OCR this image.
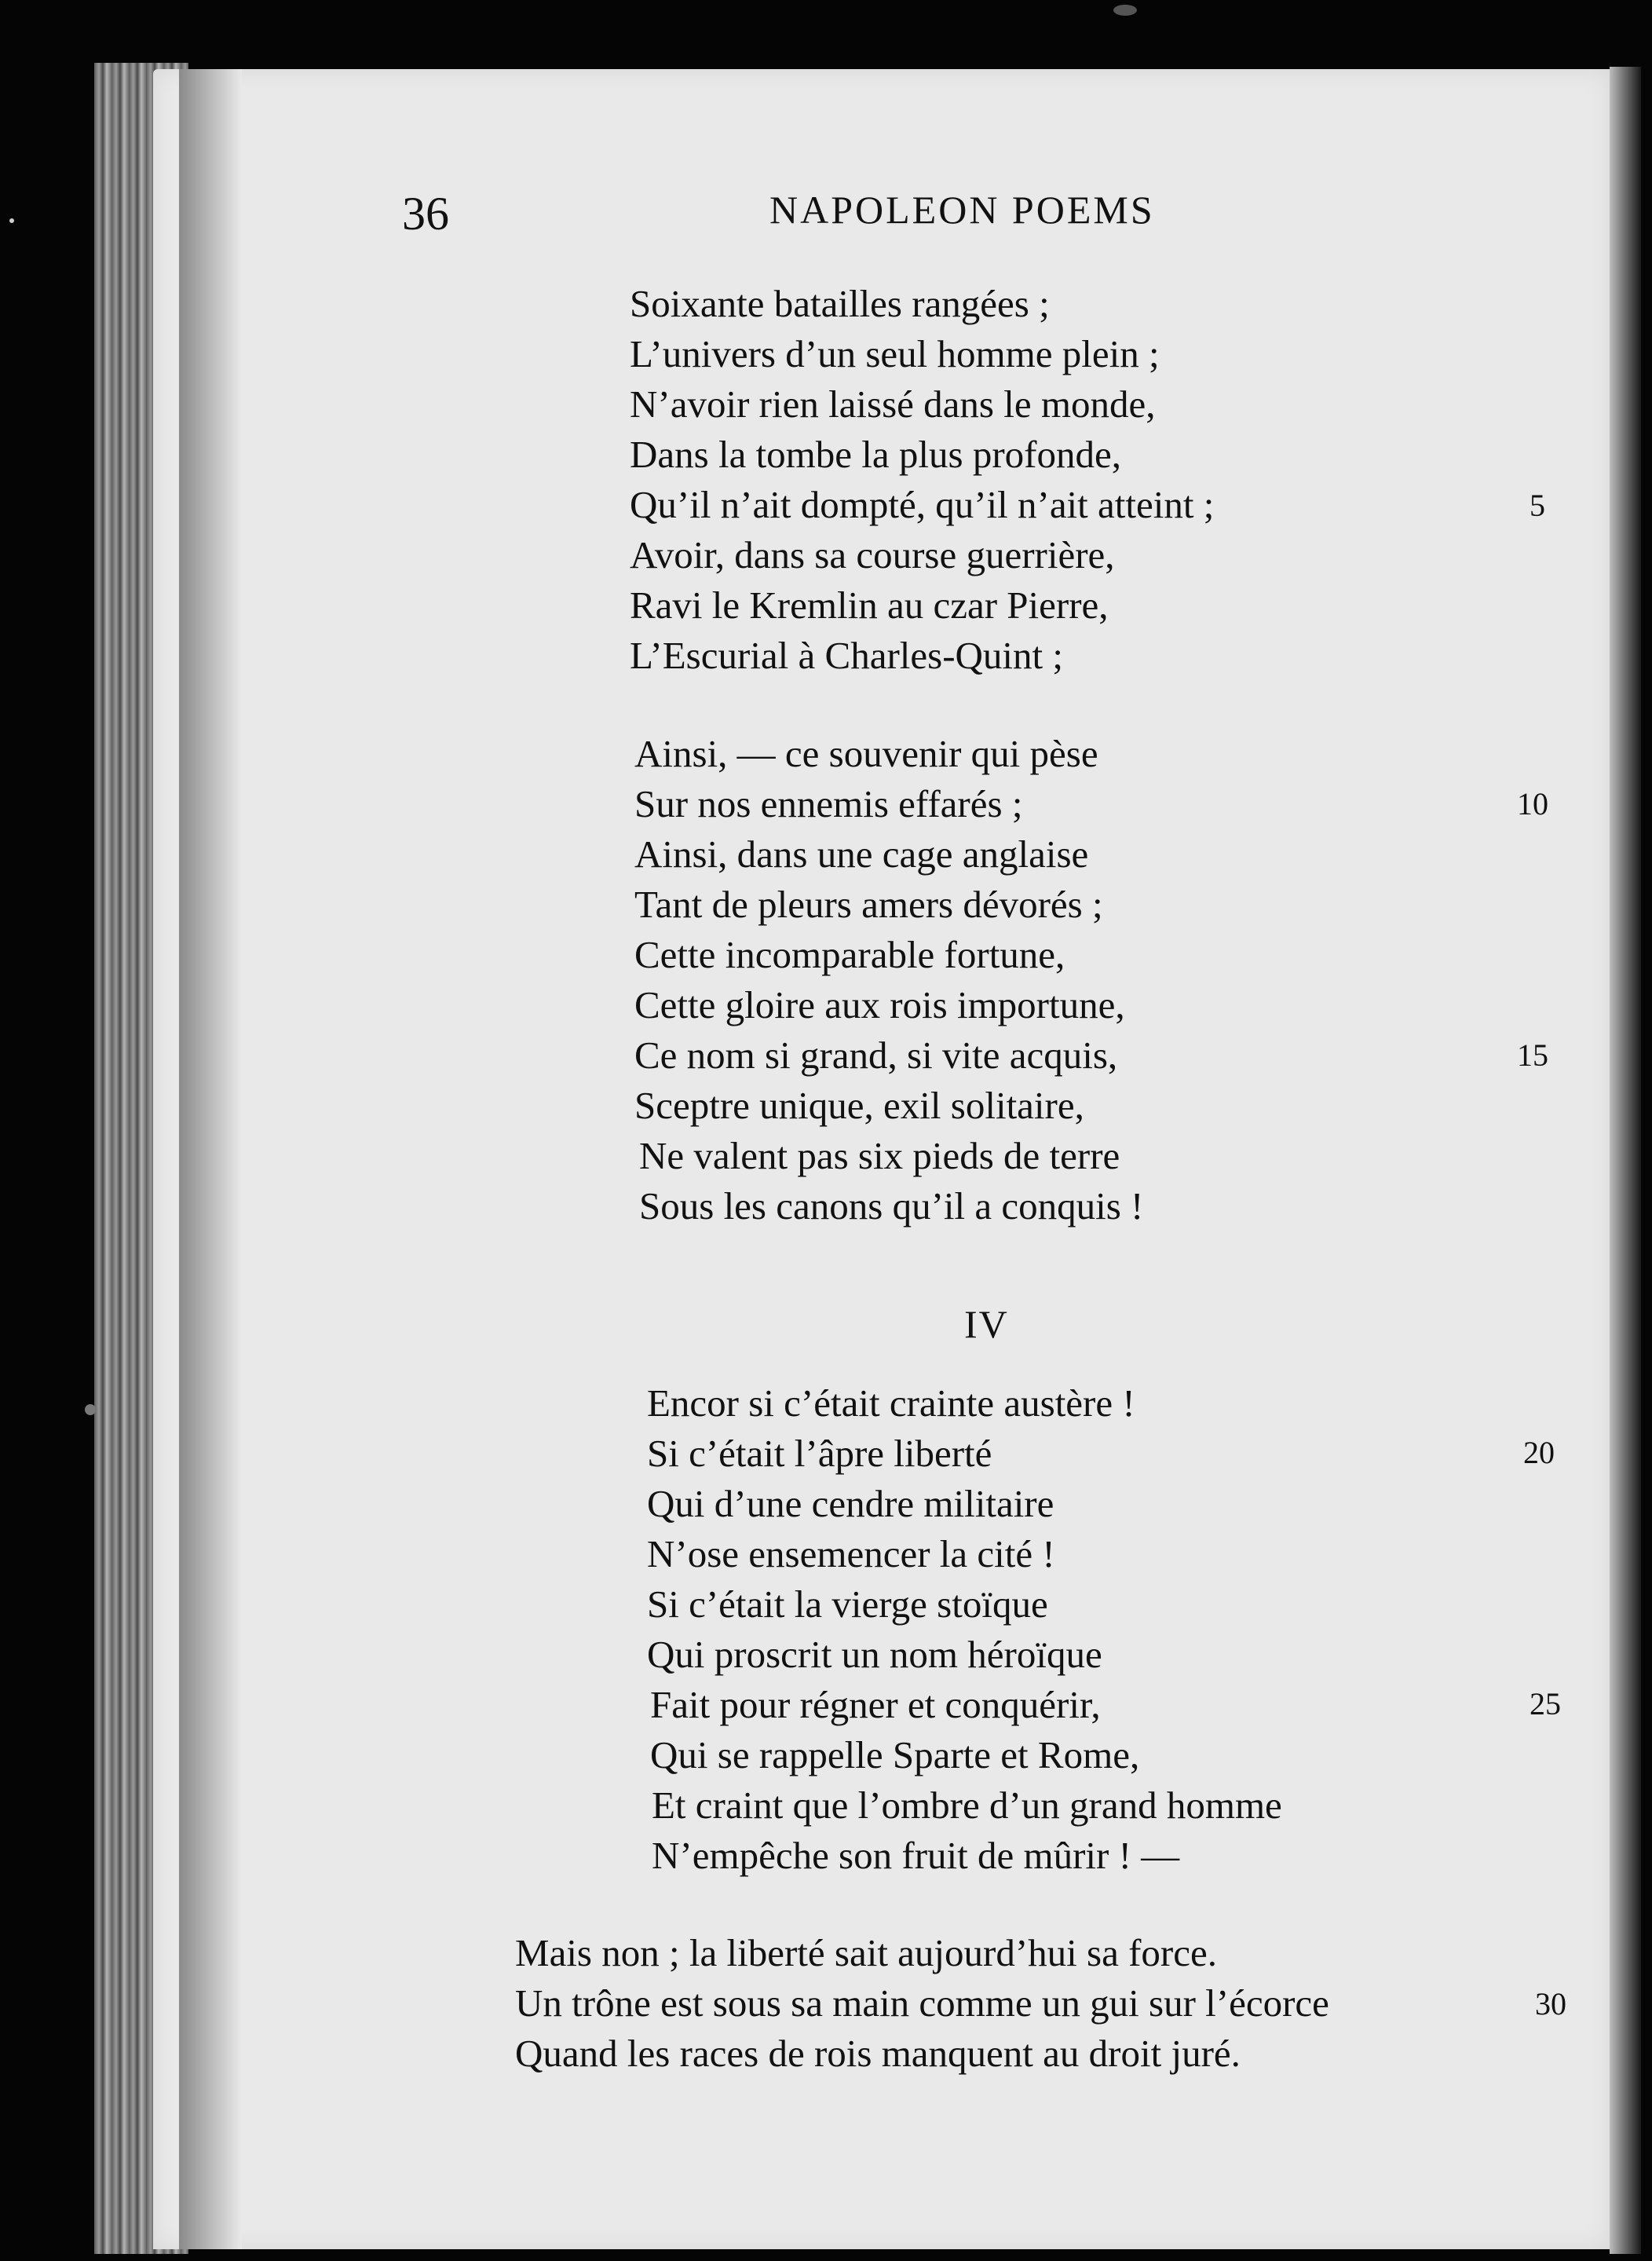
36	NAPOLEON POEMS
Soixante batailles rangées ;
L’univers d’un seul homme plein ;
N’avoir rien laissé dans le monde,
Dans la tombe la plus profonde,
Qu’il n’ait dompté, qu’il n’ait atteint ;
Avoir, dans sa course guerrière,
Ravi le Kremlin au czar Pierre,
L’Escurial à Charles-Quint ;
Ainsi, — ce souvenir qui pèse
Sur nos ennemis effarés ;
Ainsi, dans une cage anglaise
Tant de pleurs amers dévorés ;
Cette incomparable fortune,
Cette gloire aux rois importune,
Ce nom si grand, si vite acquis,
Sceptre unique, exil solitaire,
Ne valent pas six pieds de terre
Sous les canons qu’il a conquis !
IV
Encor si c’était crainte austère !
Si c’était l’âpre liberté
Qui d’une cendre militaire
N’ose ensemencer la cité !
Si c’était la vierge stoïque
Qui proscrit un nom héroïque
Fait pour régner et conquérir,
Qui se rappelle Sparte et Rome,
Et craint que l’ombre d’un grand homme
N’empêche son fruit de mûrir ! —
Mais non ; la liberté sait aujourd’hui sa force.
Un trône est sous sa main comme un gui sur l’écorce
Quand les races de rois manquent au droit juré.
5
10
15
20
25
30
